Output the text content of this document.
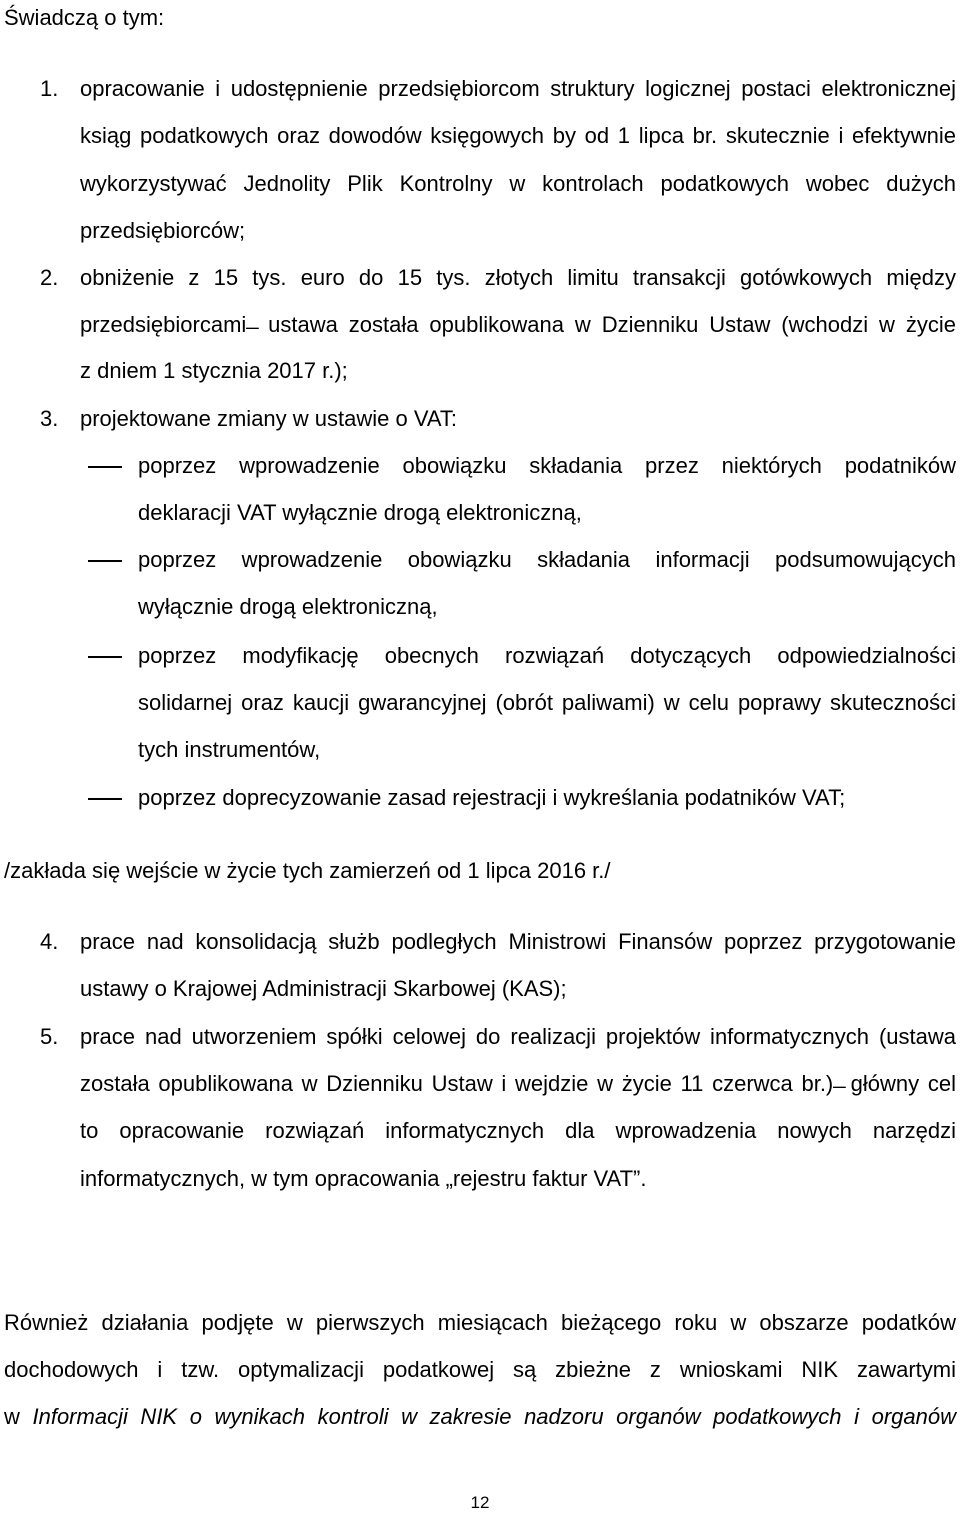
Świadczą o tym:
1. opracowanie i udostępnienie przedsiębiorcom struktury logicznej postaci elektronicznej
ksiąg podatkowych oraz dowodów księgowych by od 1 lipca br. skutecznie i efektywnie
wykorzystywać Jednolity Plik Kontrolny w kontrolach podatkowych wobec dużych
przedsiębiorców;
2. obniżenie z 15 tys. euro do 15 tys. złotych limitu transakcji gotówkowych między
przedsiębiorcami ̶ ustawa została opublikowana w Dzienniku Ustaw (wchodzi w życie
z dniem 1 stycznia 2017 r.);
3. projektowane zmiany w ustawie o VAT:
poprzez wprowadzenie obowiązku składania przez niektórych podatników
deklaracji VAT wyłącznie drogą elektroniczną,
poprzez wprowadzenie obowiązku składania informacji podsumowujących
wyłącznie drogą elektroniczną,
poprzez modyfikację obecnych rozwiązań dotyczących odpowiedzialności
solidarnej oraz kaucji gwarancyjnej (obrót paliwami) w celu poprawy skuteczności
tych instrumentów,
poprzez doprecyzowanie zasad rejestracji i wykreślania podatników VAT;
/zakłada się wejście w życie tych zamierzeń od 1 lipca 2016 r./
4. prace nad konsolidacją służb podległych Ministrowi Finansów poprzez przygotowanie
ustawy o Krajowej Administracji Skarbowej (KAS);
5. prace nad utworzeniem spółki celowej do realizacji projektów informatycznych (ustawa
została opublikowana w Dzienniku Ustaw i wejdzie w życie 11 czerwca br.) ̶ główny cel
to opracowanie rozwiązań informatycznych dla wprowadzenia nowych narzędzi
informatycznych, w tym opracowania „rejestru faktur VAT”.
Również działania podjęte w pierwszych miesiącach bieżącego roku w obszarze podatków
dochodowych i tzw. optymalizacji podatkowej są zbieżne z wnioskami NIK zawartymi
w Informacji NIK o wynikach kontroli w zakresie nadzoru organów podatkowych i organów
12
